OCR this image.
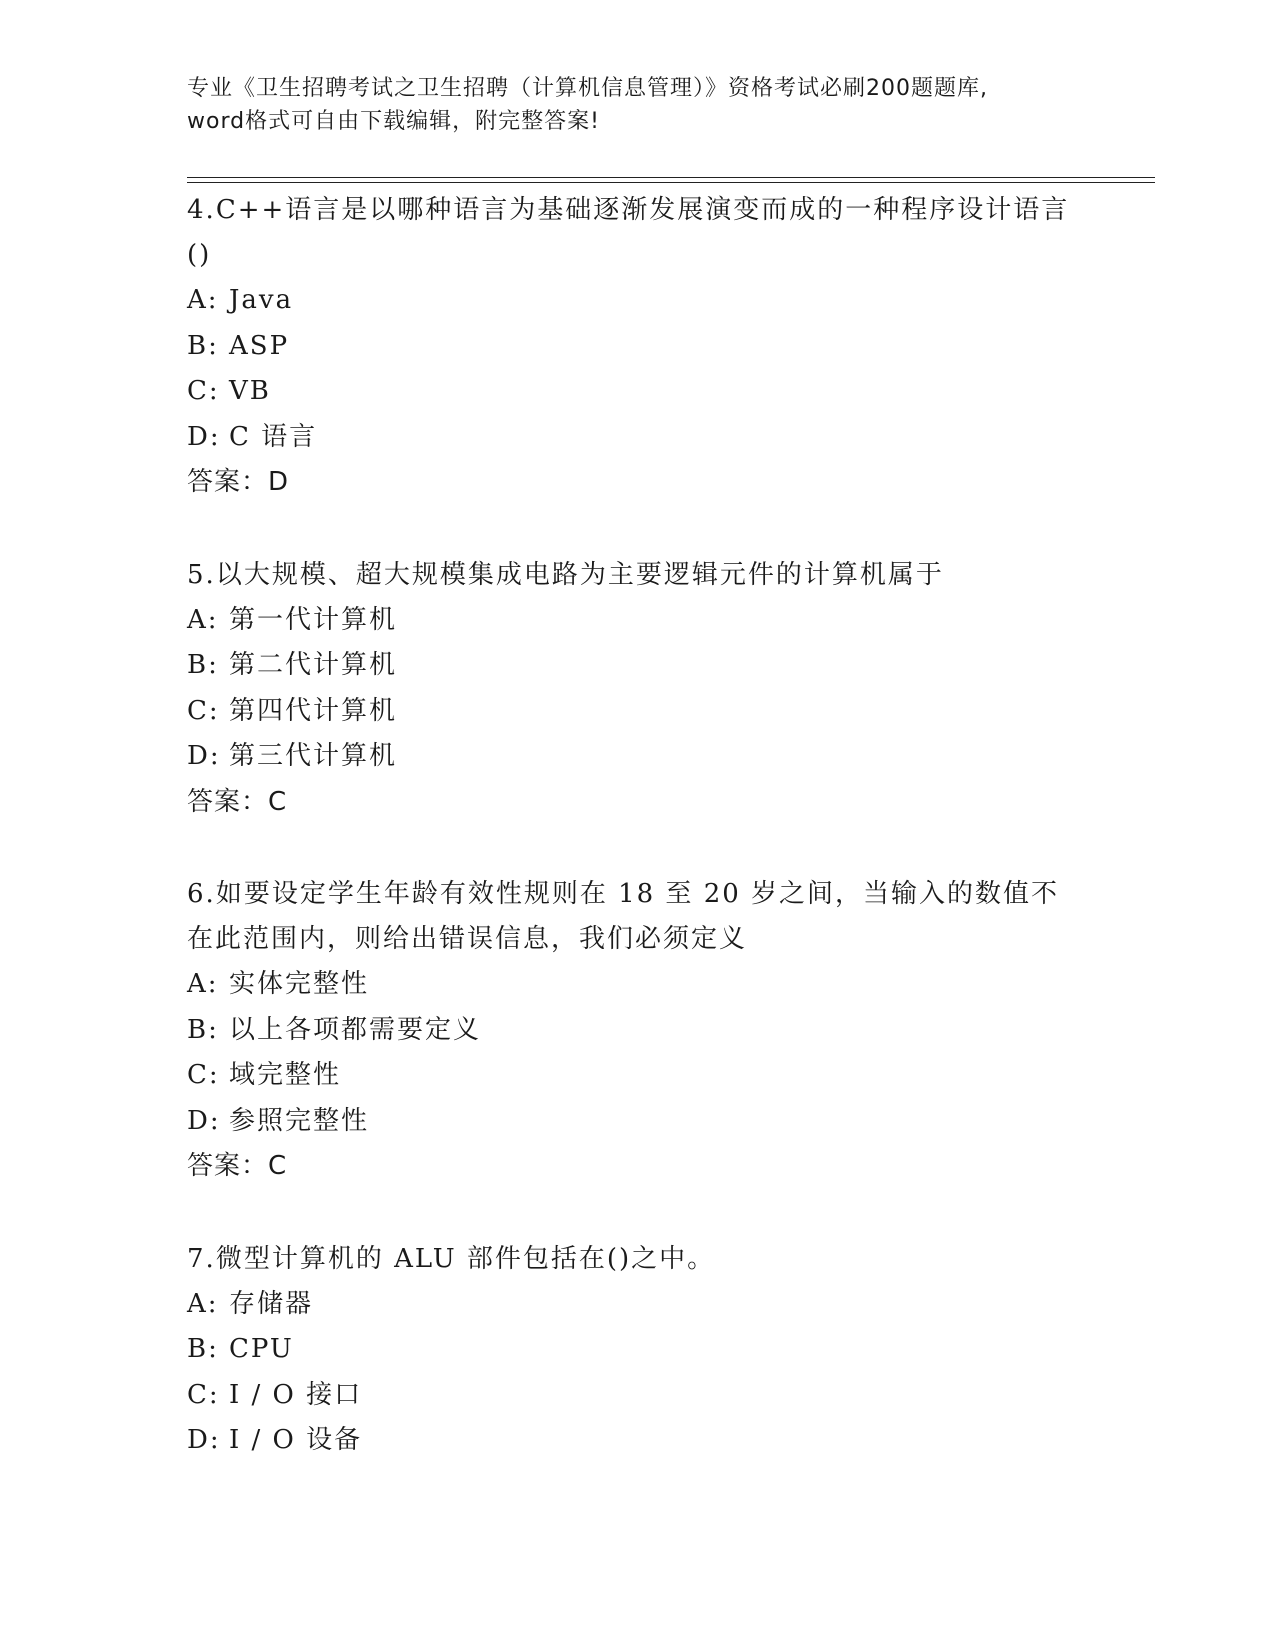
专业《卫生招聘考试之卫生招聘（计算机信息管理）》资格考试必刷200题题库,
word格式可自由下载编辑，附完整答案!
4.C++语言是以哪种语言为基础逐渐发展演变而成的一种程序设计语言
()
A: Java
B: ASP
C: VB
D: C 语言
答案：D
5.以大规模、超大规模集成电路为主要逻辑元件的计算机属于
A: 第一代计算机
B: 第二代计算机
C: 第四代计算机
D: 第三代计算机
答案：C
6.如要设定学生年龄有效性规则在 18 至 20 岁之间，当输入的数值不
在此范围内，则给出错误信息，我们必须定义
A: 实体完整性
B: 以上各项都需要定义
C: 域完整性
D: 参照完整性
答案：C
7.微型计算机的 ALU 部件包括在()之中。
A: 存储器
B: CPU
C: I / O 接口
D: I / O 设备
